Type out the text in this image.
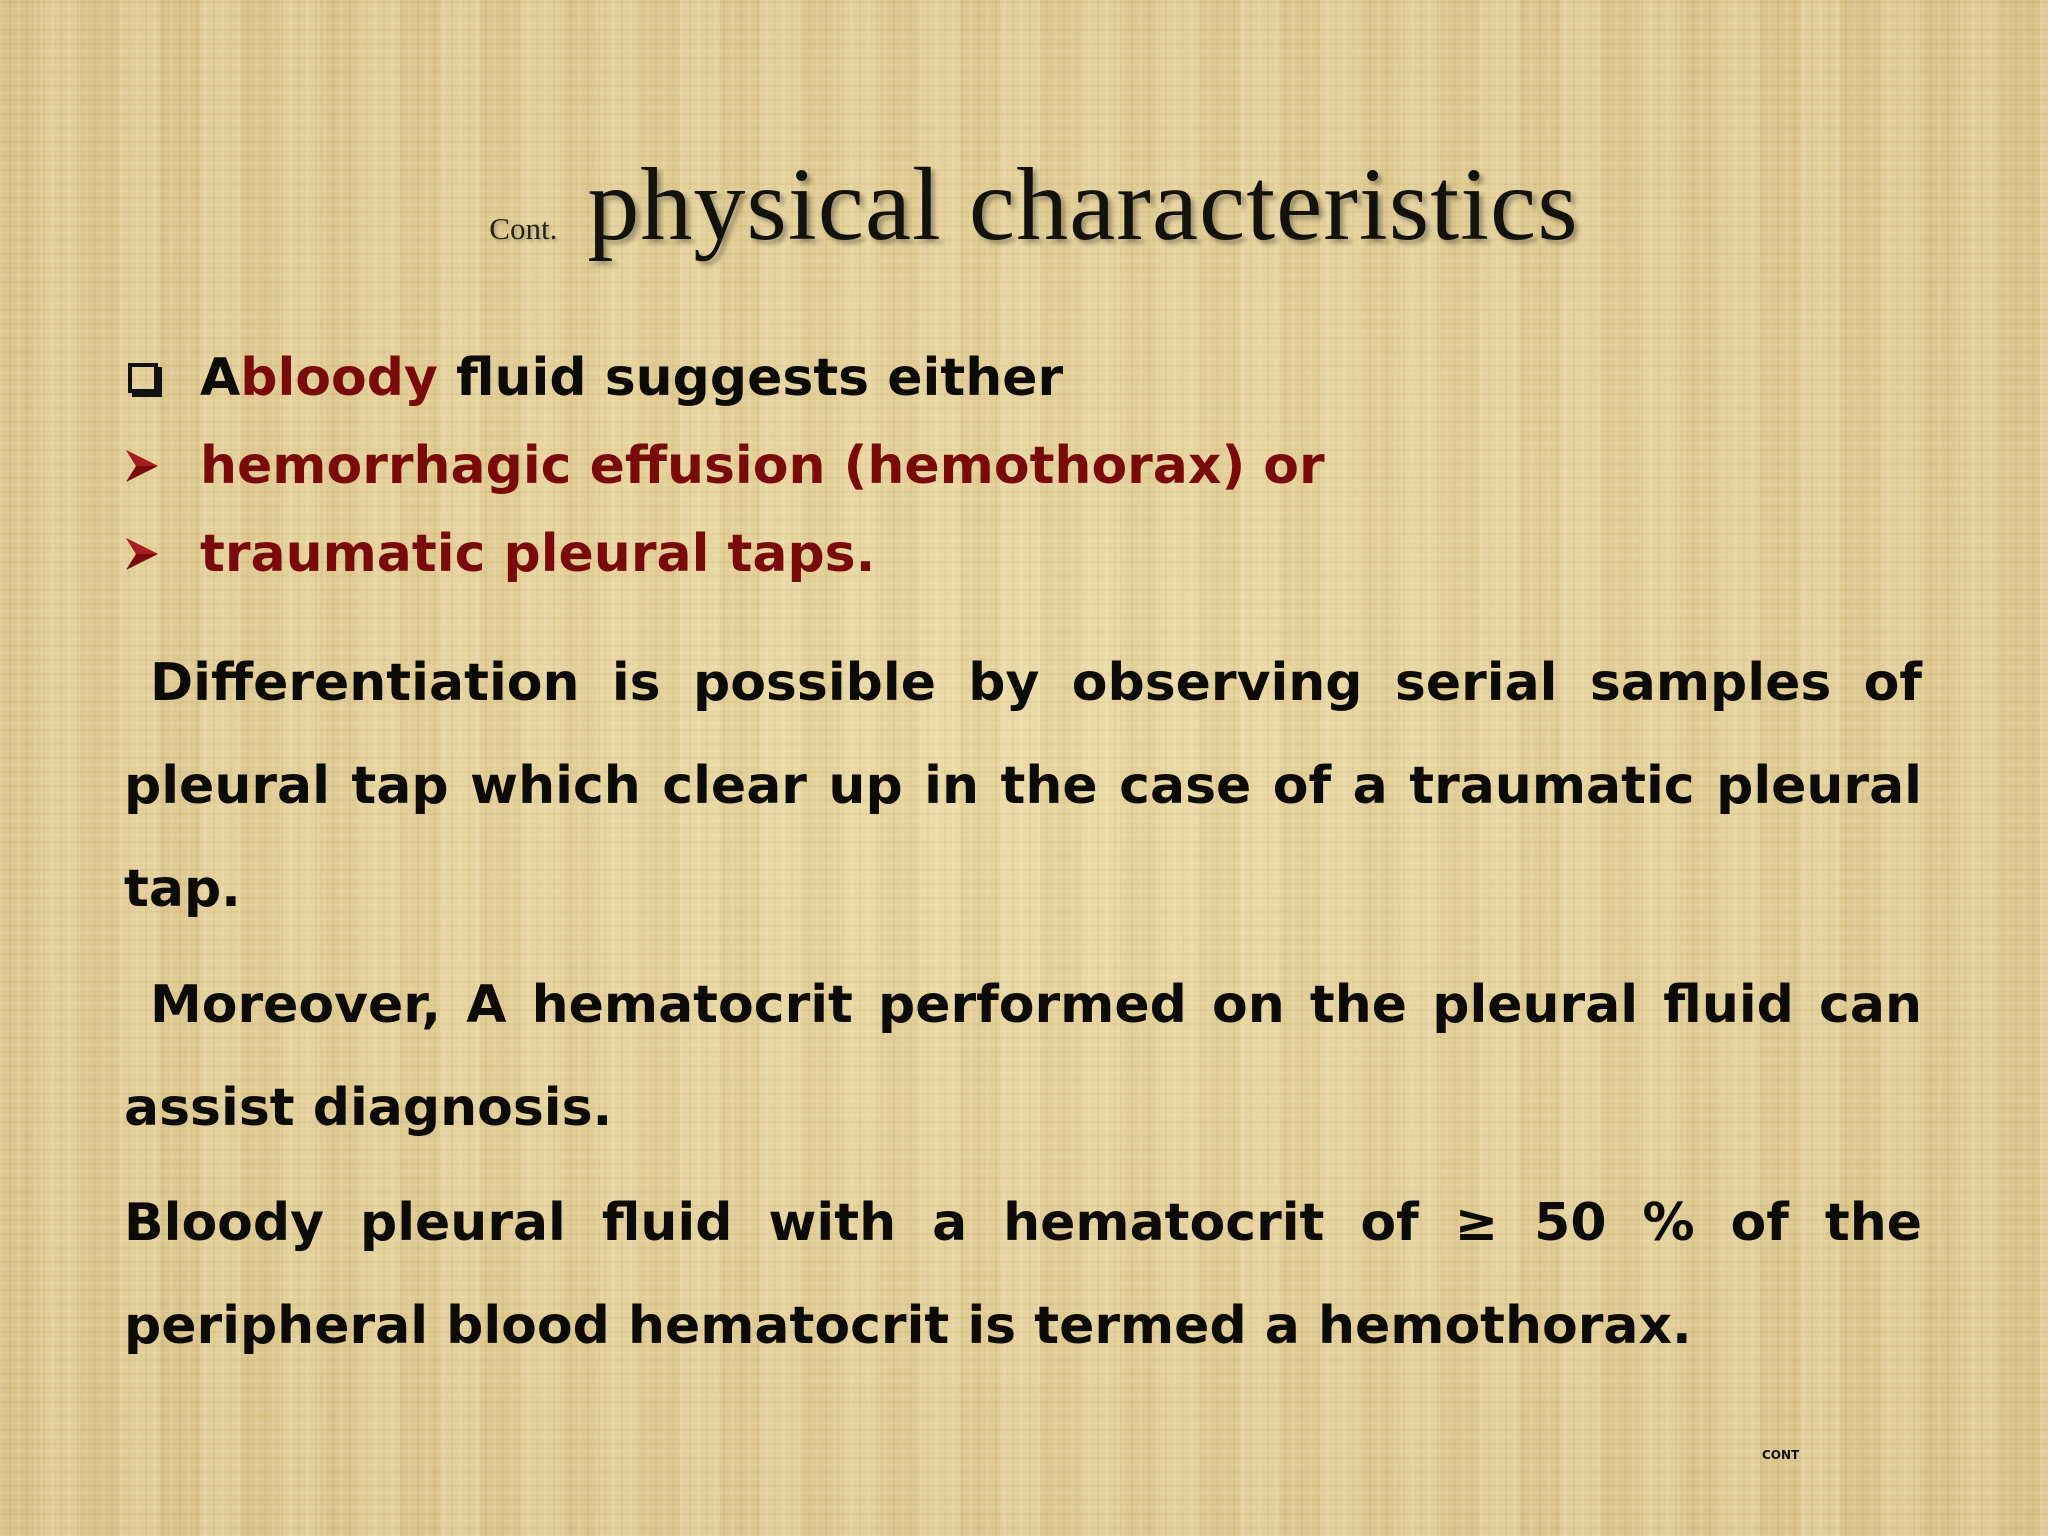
Cont. physical characteristics
A bloody fluid suggests either
hemorrhagic effusion (hemothorax) or
traumatic pleural taps.
Differentiation is possible by observing serial samples of pleural tap which clear up in the case of a traumatic pleural tap.
Moreover, A hematocrit performed on the pleural fluid can assist diagnosis.
Bloody pleural fluid with a hematocrit of ≥ 50 % of the peripheral blood hematocrit is termed a hemothorax.
CONT
